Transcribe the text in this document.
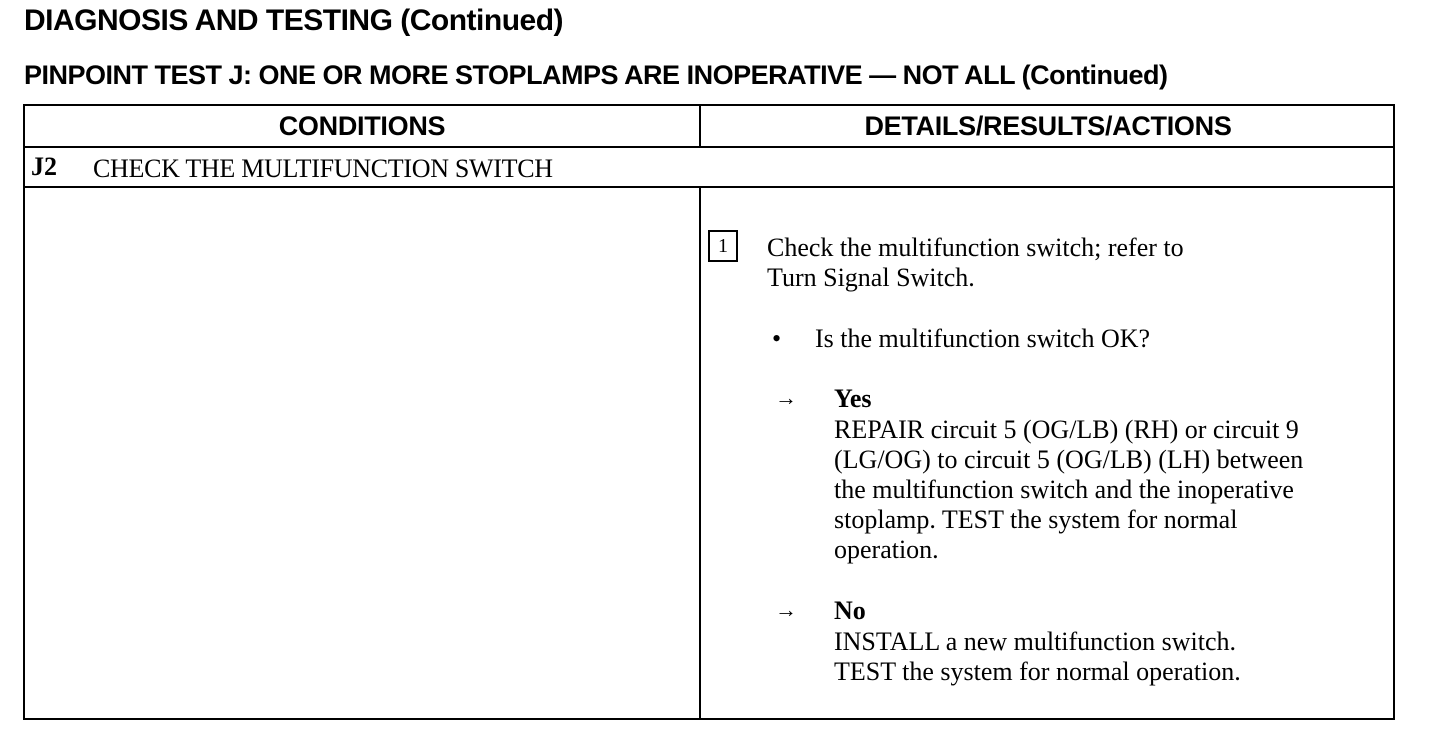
DIAGNOSIS AND TESTING (Continued)
PINPOINT TEST J: ONE OR MORE STOPLAMPS ARE INOPERATIVE — NOT ALL (Continued)
CONDITIONS	DETAILS/RESULTS/ACTIONS
J2 CHECK THE MULTIFUNCTION SWITCH
1	Check the multifunction switch; refer to
Turn Signal Switch.
• Is the multifunction switch OK?
→ Yes
REPAIR circuit 5 (OG/LB) (RH) or circuit 9
(LG/OG) to circuit 5 (OG/LB) (LH) between
the multifunction switch and the inoperative
stoplamp. TEST the system for normal
operation.
→ No
INSTALL a new multifunction switch.
TEST the system for normal operation.
